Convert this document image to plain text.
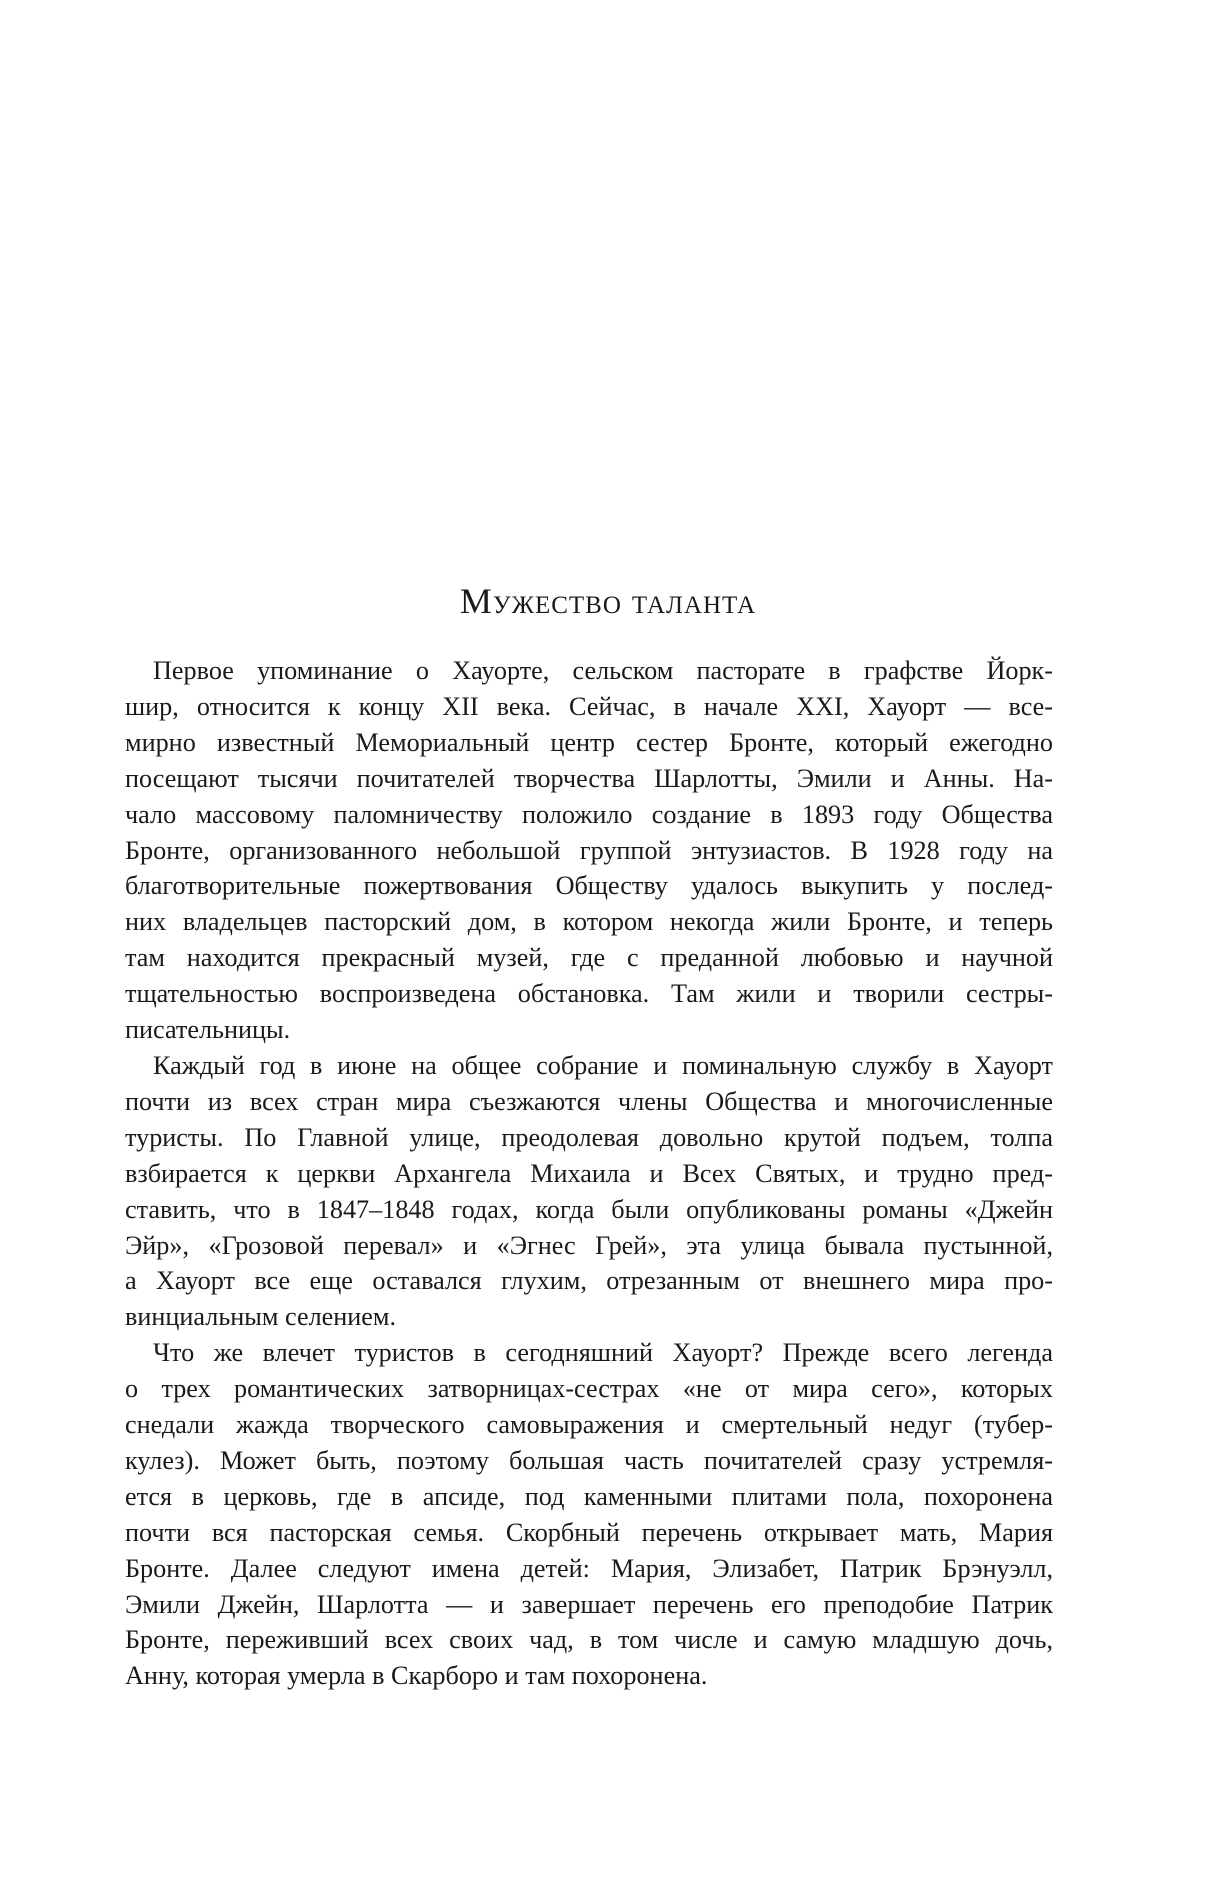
Мужество таланта
Первое упоминание о Хауорте, сельском пасторате в графстве Йорк-
шир, относится к концу XII века. Сейчас, в начале XXI, Хауорт — все-
мирно известный Мемориальный центр сестер Бронте, который ежегодно
посещают тысячи почитателей творчества Шарлотты, Эмили и Анны. На-
чало массовому паломничеству положило создание в 1893 году Общества
Бронте, организованного небольшой группой энтузиастов. В 1928 году на
благотворительные пожертвования Обществу удалось выкупить у послед-
них владельцев пасторский дом, в котором некогда жили Бронте, и теперь
там находится прекрасный музей, где с преданной любовью и научной
тщательностью воспроизведена обстановка. Там жили и творили сестры-
писательницы.
Каждый год в июне на общее собрание и поминальную службу в Хауорт
почти из всех стран мира съезжаются члены Общества и многочисленные
туристы. По Главной улице, преодолевая довольно крутой подъем, толпа
взбирается к церкви Архангела Михаила и Всех Святых, и трудно пред-
ставить, что в 1847–1848 годах, когда были опубликованы романы «Джейн
Эйр», «Грозовой перевал» и «Эгнес Грей», эта улица бывала пустынной,
а Хауорт все еще оставался глухим, отрезанным от внешнего мира про-
винциальным селением.
Что же влечет туристов в сегодняшний Хауорт? Прежде всего легенда
о трех романтических затворницах-сестрах «не от мира сего», которых
снедали жажда творческого самовыражения и смертельный недуг (тубер-
кулез). Может быть, поэтому большая часть почитателей сразу устремля-
ется в церковь, где в апсиде, под каменными плитами пола, похоронена
почти вся пасторская семья. Скорбный перечень открывает мать, Мария
Бронте. Далее следуют имена детей: Мария, Элизабет, Патрик Брэнуэлл,
Эмили Джейн, Шарлотта — и завершает перечень его преподобие Патрик
Бронте, переживший всех своих чад, в том числе и самую младшую дочь,
Анну, которая умерла в Скарборо и там похоронена.
